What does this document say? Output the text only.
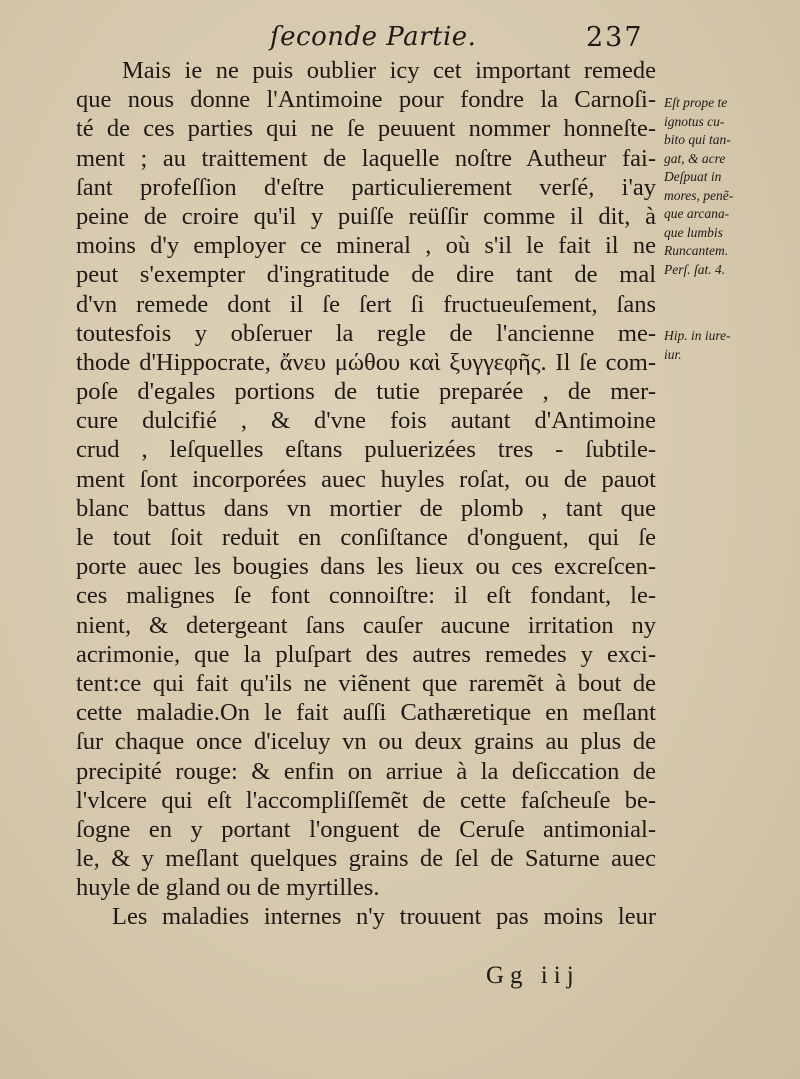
ſeconde Partie.	237
Mais ie ne puis oublier icy cet important remede
que nous donne l'Antimoine pour fondre la Carnoſi-
té de ces parties qui ne ſe peuuent nommer honneſte-
ment ; au traittement de laquelle noſtre Autheur fai-
ſant profeſſion d'eſtre particulierement verſé, i'ay
peine de croire qu'il y puiſſe reüſſir comme il dit, à
moins d'y employer ce mineral , où s'il le fait il ne
peut s'exempter d'ingratitude de dire tant de mal
d'vn remede dont il ſe ſert ſi fructueuſement, ſans
toutesfois y obſeruer la regle de l'ancienne me-
thode d'Hippocrate, ἄνευ μώθου καὶ ξυγγεφῆς. Il ſe com-
poſe d'egales portions de tutie preparée , de mer-
cure dulcifié , & d'vne fois autant d'Antimoine
crud , leſquelles eſtans puluerizées tres - ſubtile-
ment ſont incorporées auec huyles roſat, ou de pauot
blanc battus dans vn mortier de plomb , tant que
le tout ſoit reduit en conſiſtance d'onguent, qui ſe
porte auec les bougies dans les lieux ou ces excreſcen-
ces malignes ſe font connoiſtre: il eſt fondant, le-
nient, & detergeant ſans cauſer aucune irritation ny
acrimonie, que la pluſpart des autres remedes y exci-
tent:ce qui fait qu'ils ne viẽnent que raremẽt à bout de
cette maladie.On le fait auſſi Cathæretique en meſlant
ſur chaque once d'iceluy vn ou deux grains au plus de
precipité rouge: & enfin on arriue à la deſiccation de
l'vlcere qui eſt l'accompliſſemẽt de cette faſcheuſe be-
ſogne en y portant l'onguent de Ceruſe antimonial-
le, & y meſlant quelques grains de ſel de Saturne auec
huyle de gland ou de myrtilles.
Les maladies internes n'y trouuent pas moins leur
Eſt prope te
ignotus cu-
bito qui tan-
gat, & acre
Deſpuat in
mores, penẽ-
que arcana-
que lumbis
Runcantem.
Perſ. ſat. 4.
Hip. in iure-
iur.
Gg iij
